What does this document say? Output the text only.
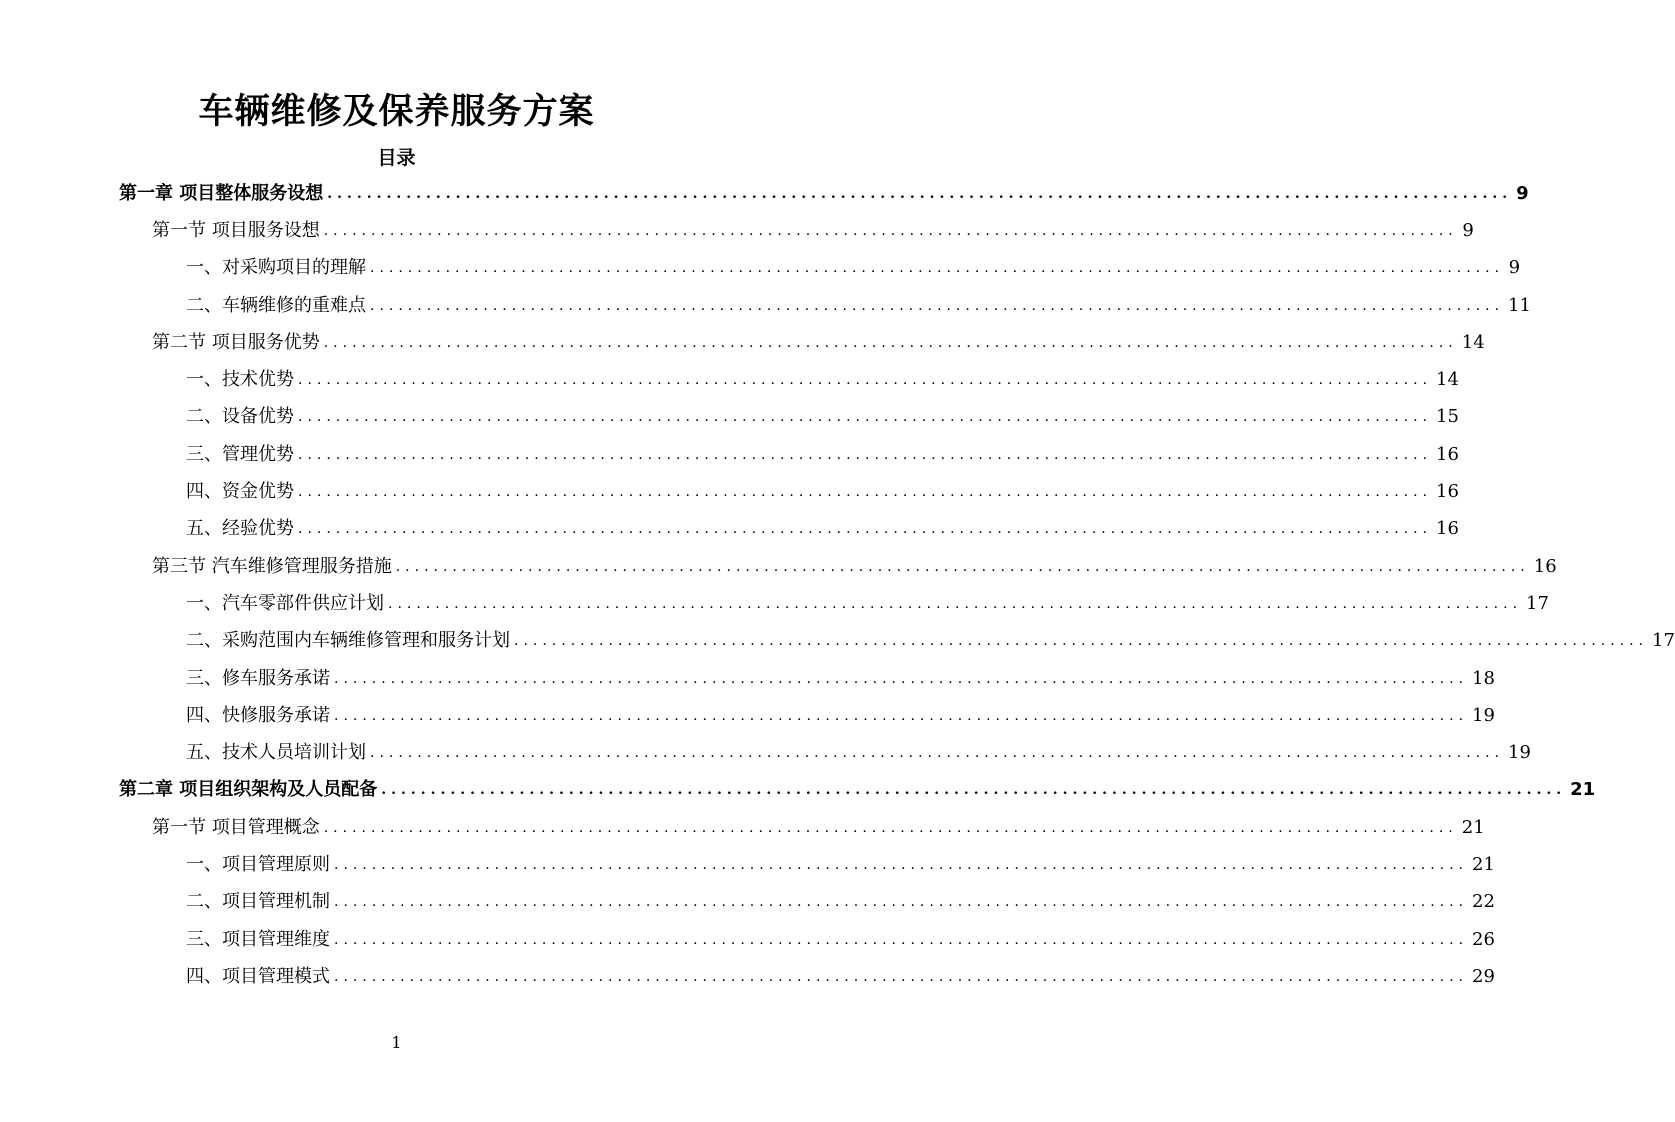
车辆维修及保养服务方案
目录
第一章 项目整体服务设想 ........................................................................................................................ 9
第一节 项目服务设想 ........................................................................................................................ 9
一、对采购项目的理解 ........................................................................................................................ 9
二、车辆维修的重难点 ........................................................................................................................ 11
第二节 项目服务优势 ........................................................................................................................ 14
一、技术优势 ........................................................................................................................ 14
二、设备优势 ........................................................................................................................ 15
三、管理优势 ........................................................................................................................ 16
四、资金优势 ........................................................................................................................ 16
五、经验优势 ........................................................................................................................ 16
第三节 汽车维修管理服务措施 ........................................................................................................................ 16
一、汽车零部件供应计划 ........................................................................................................................ 17
二、采购范围内车辆维修管理和服务计划 ........................................................................................................................ 17
三、修车服务承诺 ........................................................................................................................ 18
四、快修服务承诺 ........................................................................................................................ 19
五、技术人员培训计划 ........................................................................................................................ 19
第二章 项目组织架构及人员配备 ........................................................................................................................ 21
第一节 项目管理概念 ........................................................................................................................ 21
一、项目管理原则 ........................................................................................................................ 21
二、项目管理机制 ........................................................................................................................ 22
三、项目管理维度 ........................................................................................................................ 26
四、项目管理模式 ........................................................................................................................ 29
1
